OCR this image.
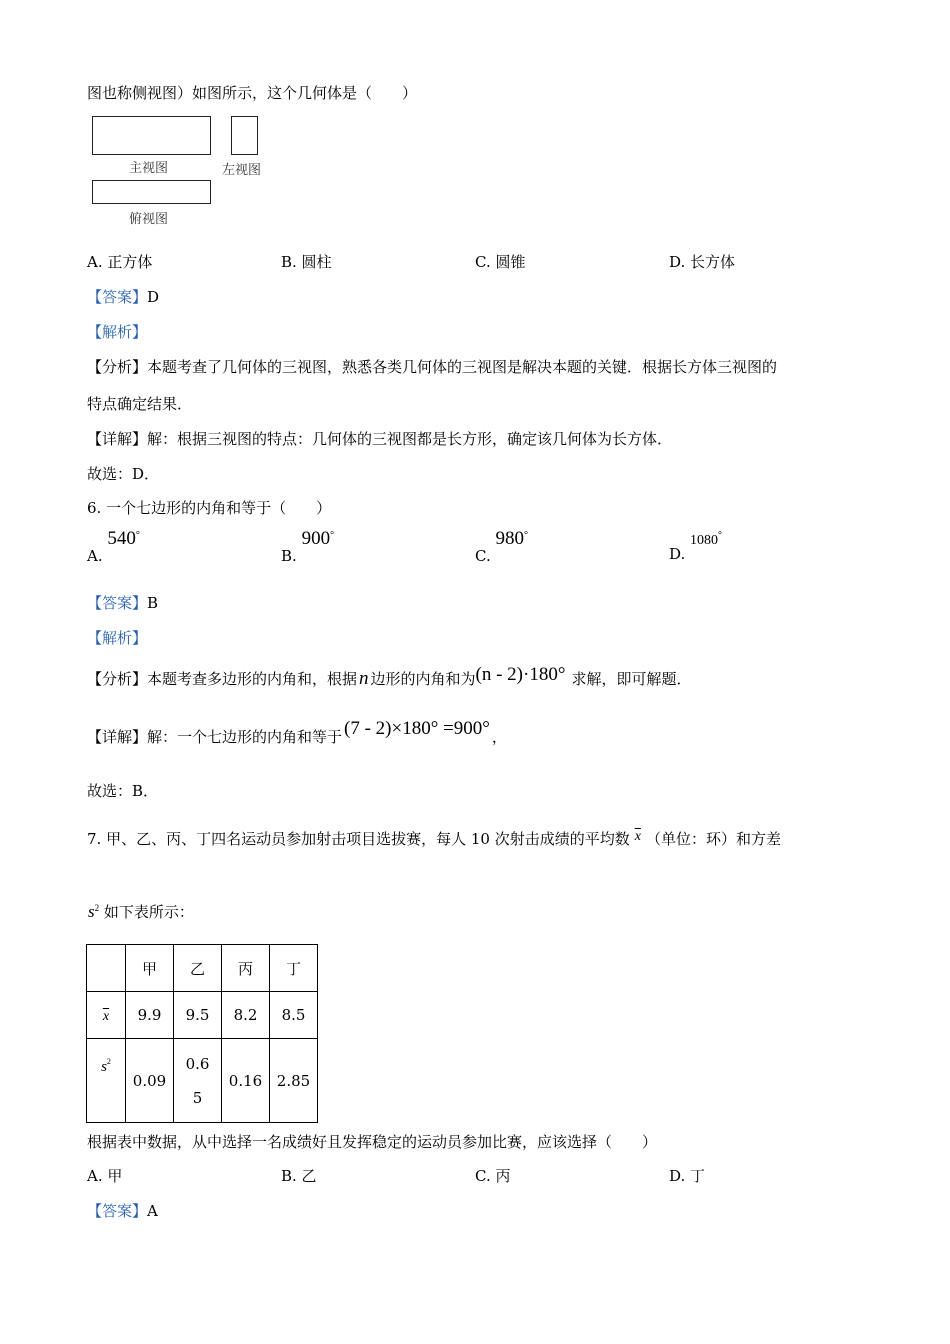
图也称侧视图）如图所示，这个几何体是（　　）
主视图	左视图
俯视图
A. 正方体	B. 圆柱	C. 圆锥	D. 长方体
【答案】D
【解析】
【分析】本题考查了几何体的三视图，熟悉各类几何体的三视图是解决本题的关键．根据长方体三视图的
特点确定结果．
【详解】解：根据三视图的特点：几何体的三视图都是长方形，确定该几何体为长方体．
故选：D．
6. 一个七边形的内角和等于（　　）
A. 540°
B. 900°
C. 980°
D. 1080°
【答案】B
【解析】
【分析】本题考查多边形的内角和，根据 n 边形的内角和为(n - 2)·180° 求解，即可解题．
【详解】解：一个七边形的内角和等于 (7 - 2)×180° =900° ，
故选：B．
7. 甲、乙、丙、丁四名运动员参加射击项目选拔赛，每人 10 次射击成绩的平均数 $\overline{x}$ （单位：环）和方差
$s^2$ 如下表所示：
	甲	乙	丙	丁
$\overline{x}$	9.9	9.5	8.2	8.5
$s^2$	0.09	0.65	0.16	2.85
根据表中数据，从中选择一名成绩好且发挥稳定的运动员参加比赛，应该选择（　　）
A. 甲	B. 乙	C. 丙	D. 丁
【答案】A
